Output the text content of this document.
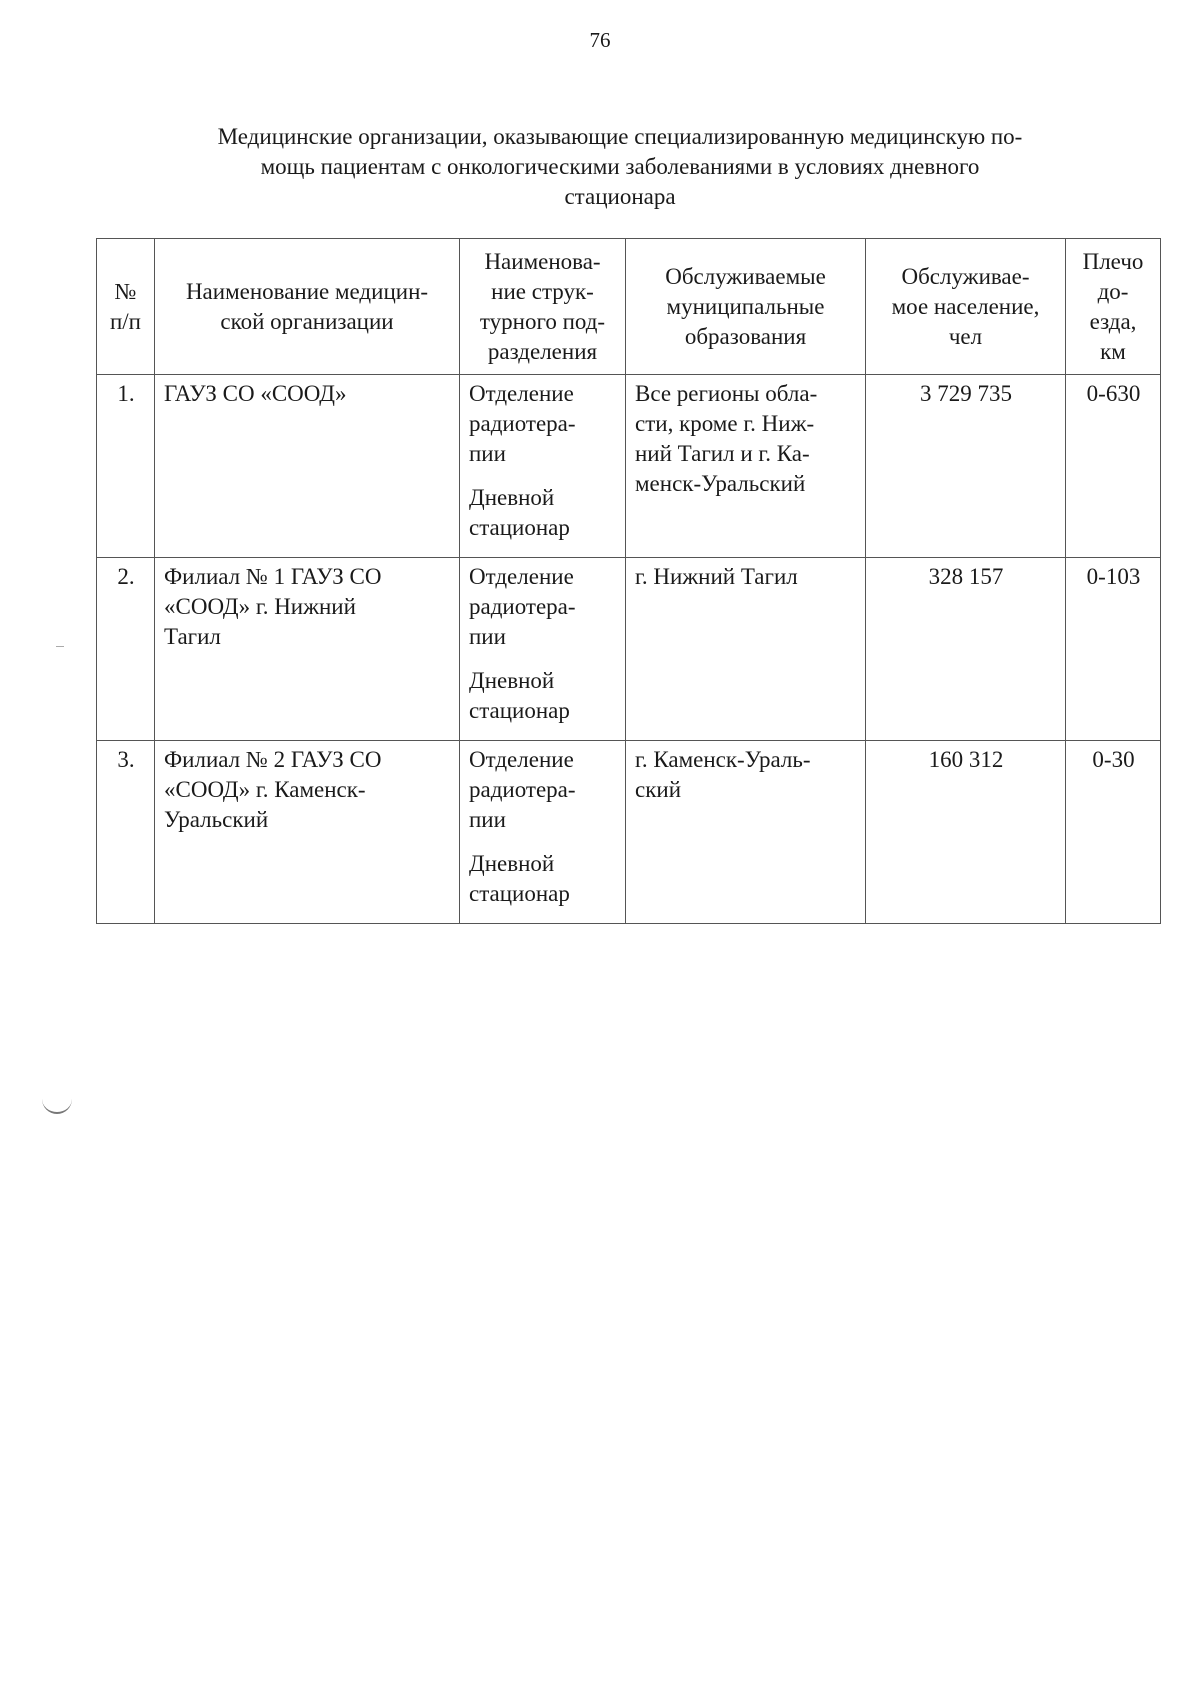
76
Медицинские организации, оказывающие специализированную медицинскую по-
мощь пациентам с онкологическими заболеваниями в условиях дневного
стационара
№
п/п	Наименование медицин-
ской организации	Наименова-
ние струк-
турного под-
разделения	Обслуживаемые
муниципальные
образования	Обслуживае-
мое население,
чел	Плечо
до-
езда,
км

1.	ГАУЗ СО «СООД»	Отделение
радиотера-
пии
Дневной
стационар	Все регионы обла-
сти, кроме г. Ниж-
ний Тагил и г. Ка-
менск-Уральский	3 729 735	0-630
2.	Филиал № 1 ГАУЗ СО
«СООД» г. Нижний
Тагил	Отделение
радиотера-
пии
Дневной
стационар	г. Нижний Тагил	328 157	0-103
3.	Филиал № 2 ГАУЗ СО
«СООД» г. Каменск-
Уральский	Отделение
радиотера-
пии
Дневной
стационар	г. Каменск-Ураль-
ский	160 312	0-30
